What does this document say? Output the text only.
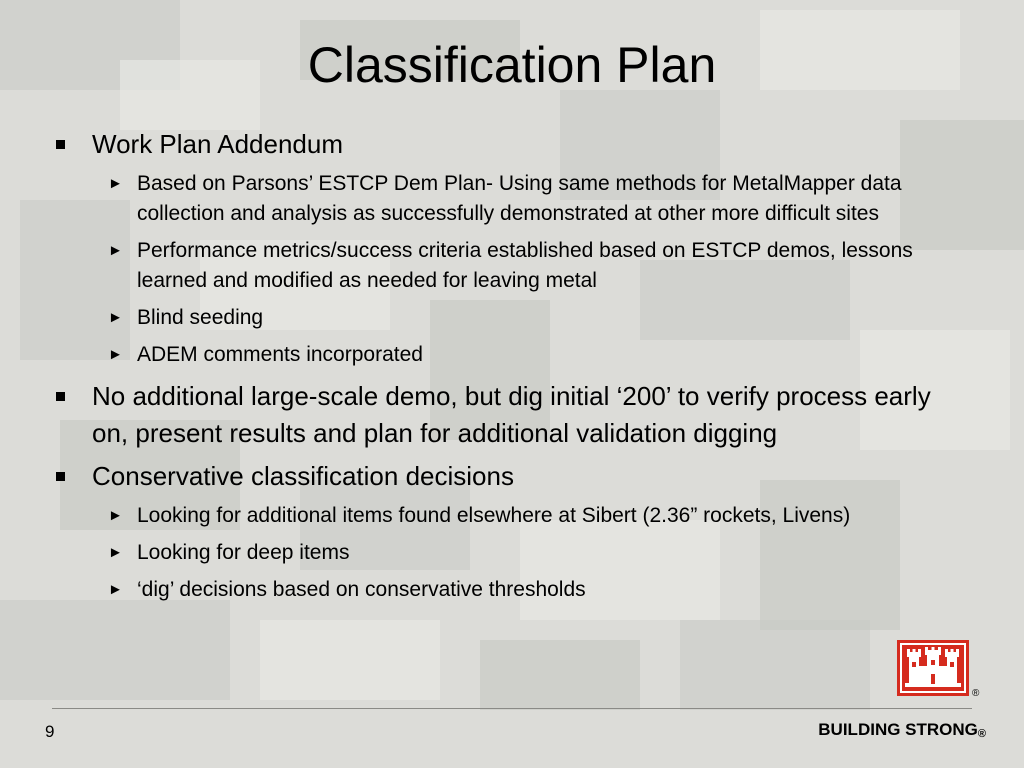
Classification Plan
Work Plan Addendum
► Based on Parsons’ ESTCP Dem Plan- Using same methods for MetalMapper data collection and analysis as successfully demonstrated at other more difficult sites
► Performance metrics/success criteria established based on ESTCP demos, lessons learned and modified as needed for leaving metal
► Blind seeding
► ADEM comments incorporated
No additional large-scale demo, but dig initial ‘200’ to verify process early on, present results and plan for additional validation digging
Conservative classification decisions
► Looking for additional items found elsewhere at Sibert (2.36” rockets, Livens)
► Looking for deep items
► ‘dig’ decisions based on conservative thresholds
®
9	BUILDING $STRONG_®$
